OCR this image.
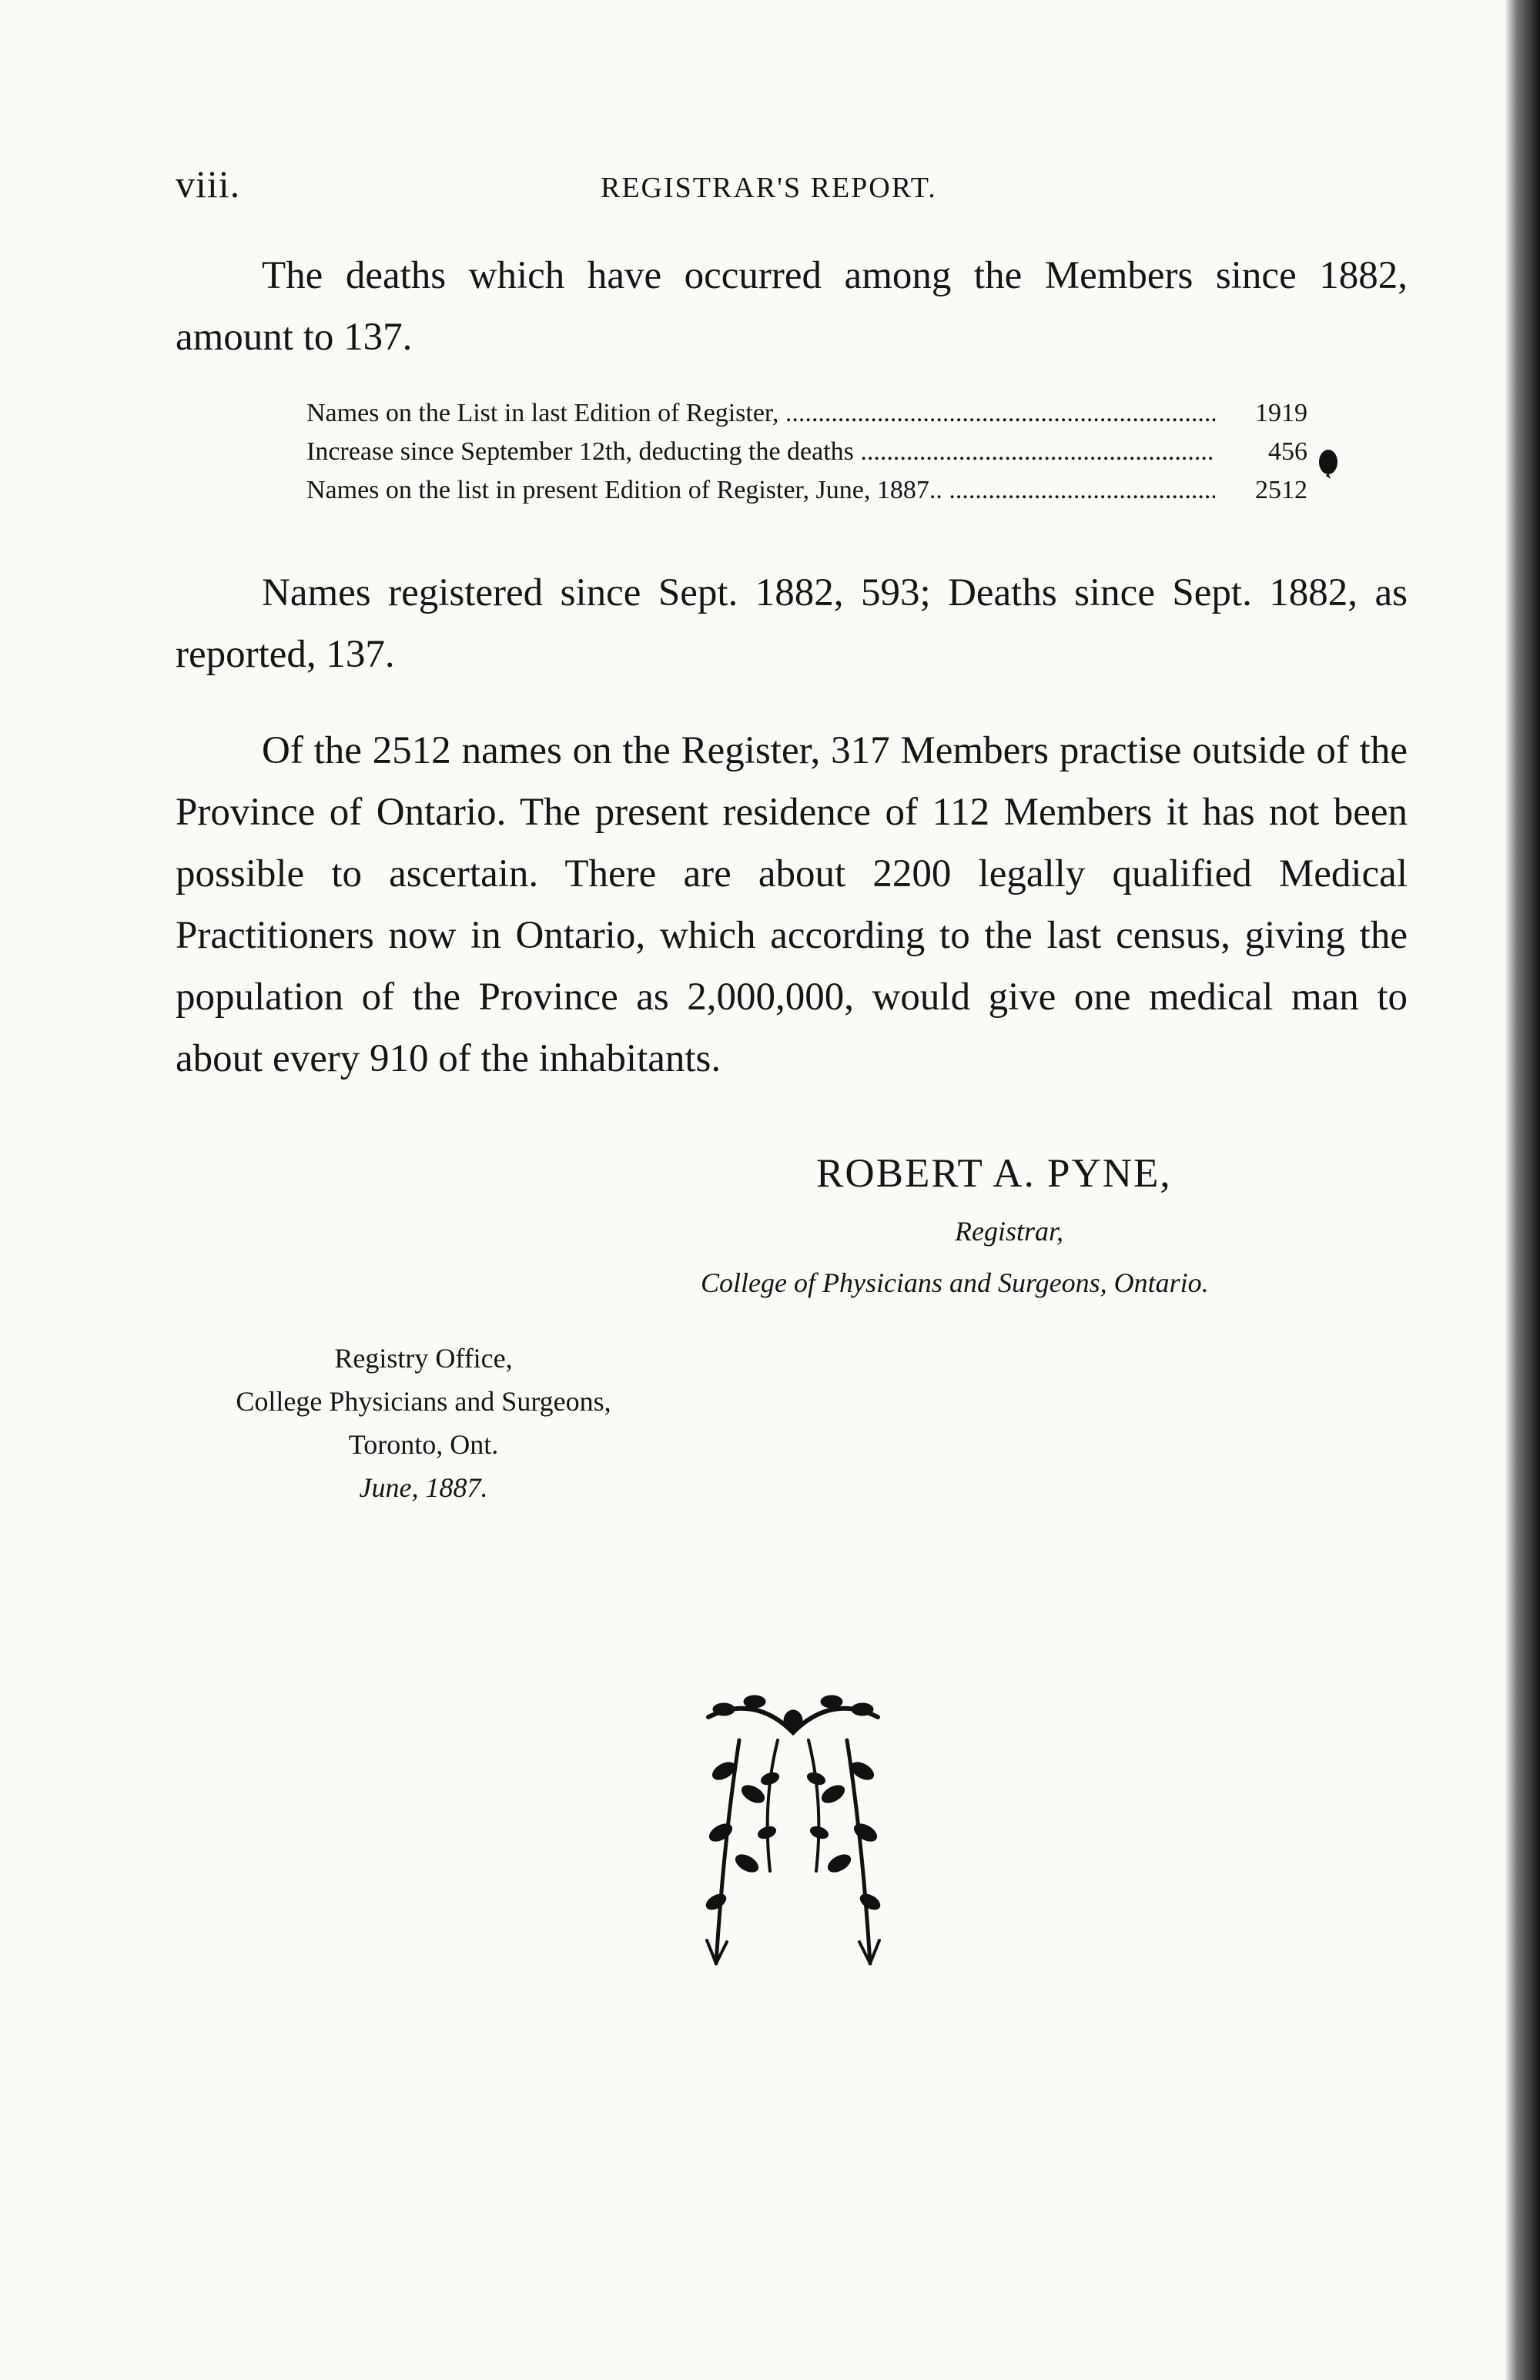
viii.	REGISTRAR'S REPORT.

The deaths which have occurred among the Members since 1882, amount to 137.

Names on the List in last Edition of Register, .....	1919
Increase since September 12th, deducting the deaths .....	456
Names on the list in present Edition of Register, June, 1887.. .....	2512

Names registered since Sept. 1882, 593; Deaths since Sept. 1882, as reported, 137.

Of the 2512 names on the Register, 317 Members practise outside of the Province of Ontario. The present residence of 112 Members it has not been possible to ascertain. There are about 2200 legally qualified Medical Practitioners now in Ontario, which according to the last census, giving the population of the Province as 2,000,000, would give one medical man to about every 910 of the inhabitants.

ROBERT A. PYNE,
Registrar,
College of Physicians and Surgeons, Ontario.
Registry Office,
College Physicians and Surgeons,
Toronto, Ont.
June, 1887.
